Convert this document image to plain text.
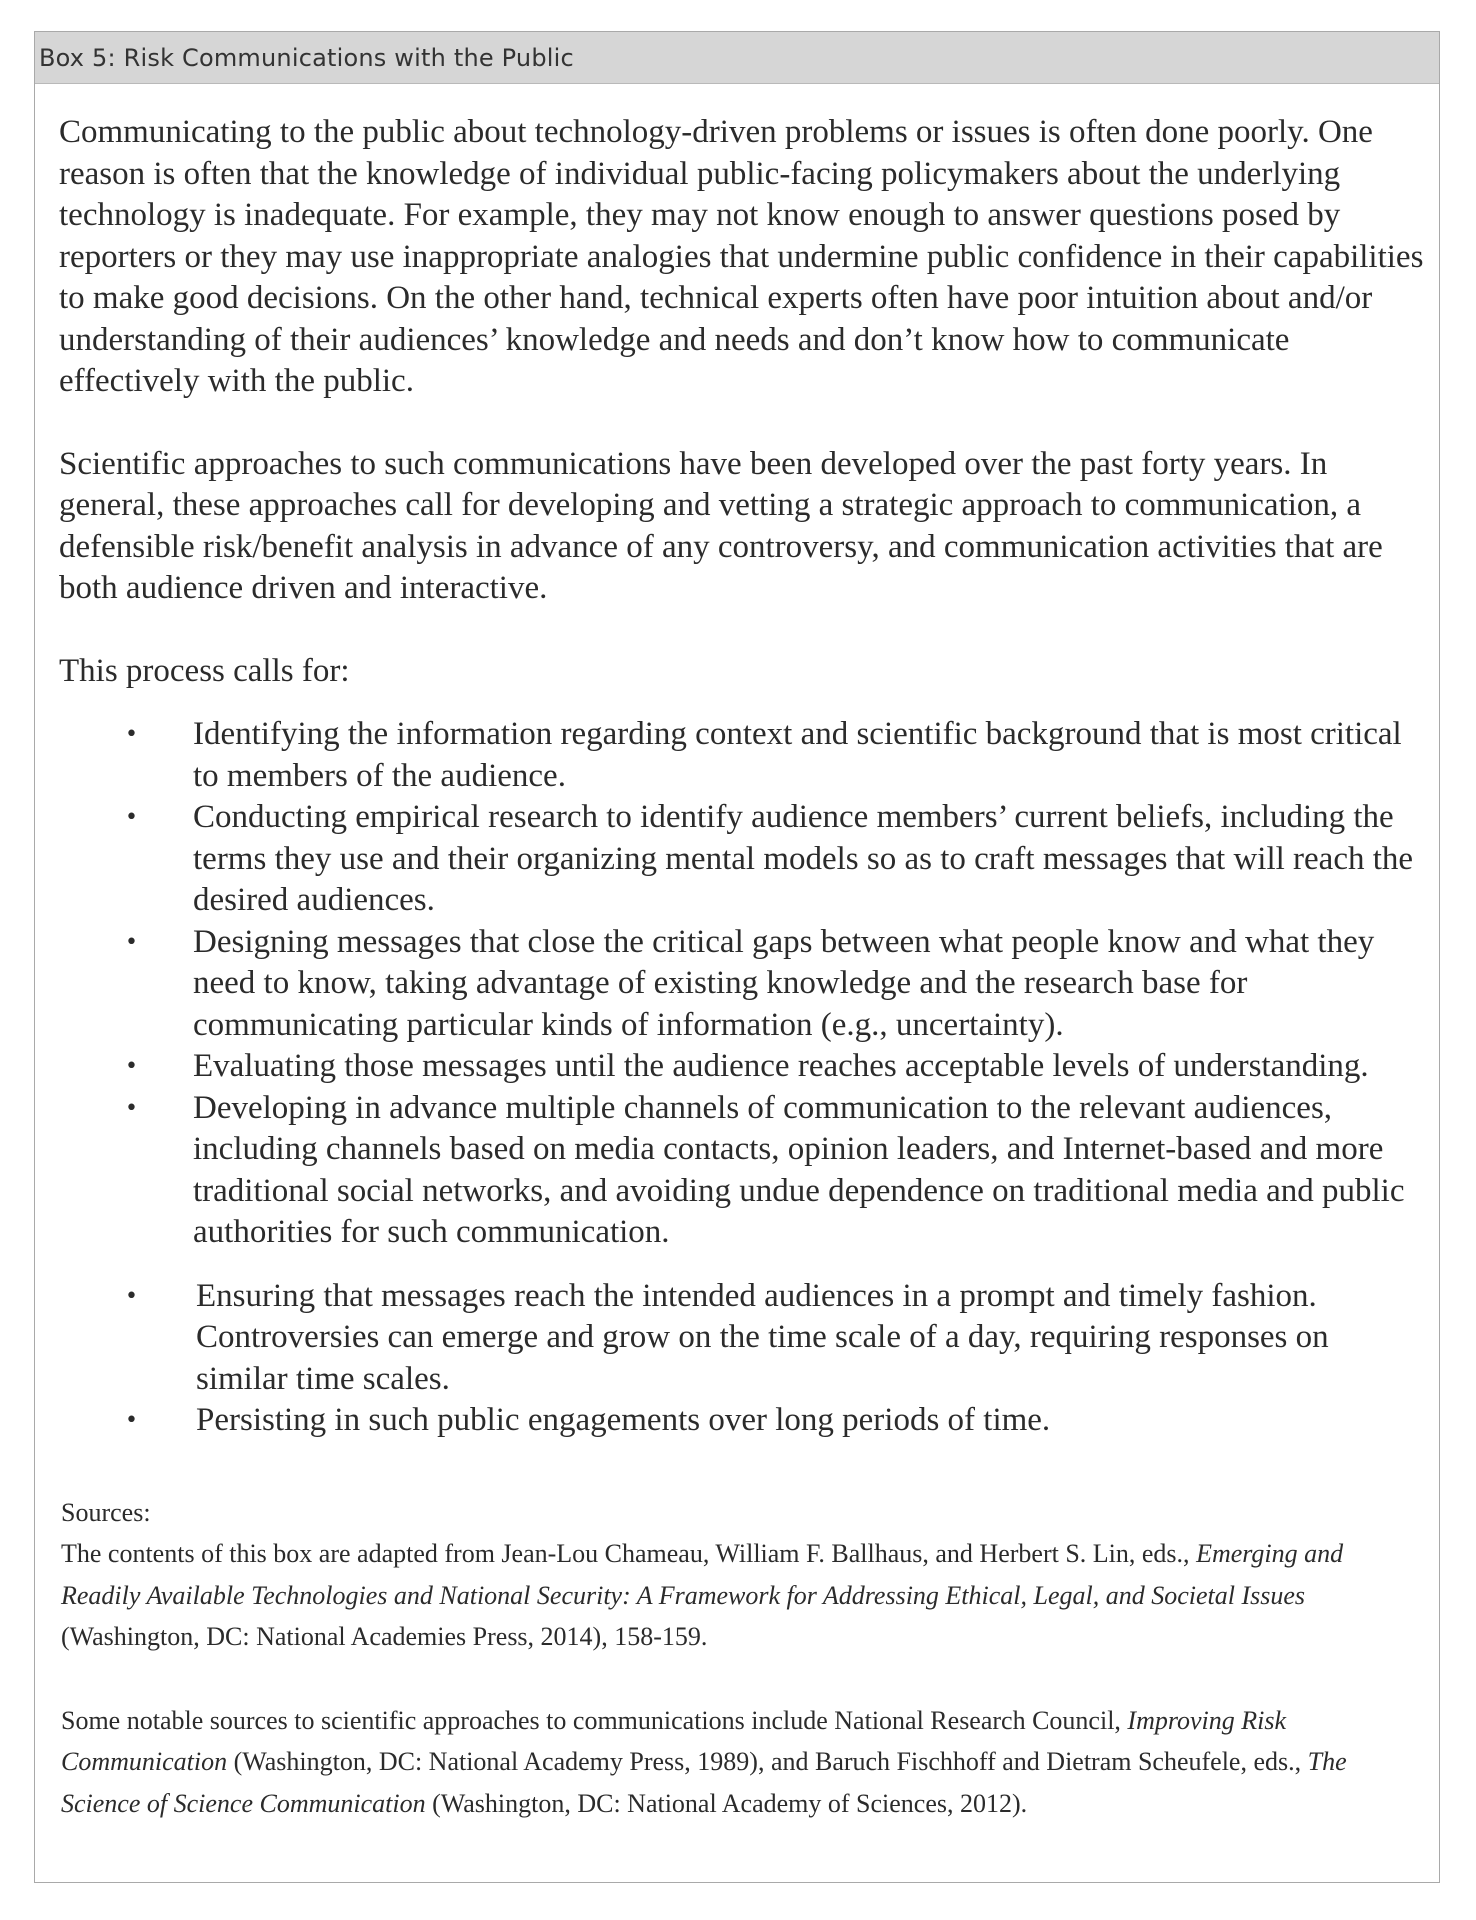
Box 5: Risk Communications with the Public

Communicating to the public about technology-driven problems or issues is often done poorly. One reason is often that the knowledge of individual public-facing policymakers about the underlying technology is inadequate. For example, they may not know enough to answer questions posed by reporters or they may use inappropriate analogies that undermine public confidence in their capabilities to make good decisions. On the other hand, technical experts often have poor intuition about and/or understanding of their audiences’ knowledge and needs and don’t know how to communicate effectively with the public.

Scientific approaches to such communications have been developed over the past forty years. In general, these approaches call for developing and vetting a strategic approach to communication, a defensible risk/benefit analysis in advance of any controversy, and communication activities that are both audience driven and interactive.

This process calls for:

• Identifying the information regarding context and scientific background that is most critical to members of the audience.
• Conducting empirical research to identify audience members’ current beliefs, including the terms they use and their organizing mental models so as to craft messages that will reach the desired audiences.
• Designing messages that close the critical gaps between what people know and what they need to know, taking advantage of existing knowledge and the research base for communicating particular kinds of information (e.g., uncertainty).
• Evaluating those messages until the audience reaches acceptable levels of understanding.
• Developing in advance multiple channels of communication to the relevant audiences, including channels based on media contacts, opinion leaders, and Internet-based and more traditional social networks, and avoiding undue dependence on traditional media and public authorities for such communication.
• Ensuring that messages reach the intended audiences in a prompt and timely fashion. Controversies can emerge and grow on the time scale of a day, requiring responses on similar time scales.
• Persisting in such public engagements over long periods of time.

Sources:

The contents of this box are adapted from Jean-Lou Chameau, William F. Ballhaus, and Herbert S. Lin, eds., Emerging and Readily Available Technologies and National Security: A Framework for Addressing Ethical, Legal, and Societal Issues (Washington, DC: National Academies Press, 2014), 158-159.

Some notable sources to scientific approaches to communications include National Research Council, Improving Risk Communication (Washington, DC: National Academy Press, 1989), and Baruch Fischhoff and Dietram Scheufele, eds., The Science of Science Communication (Washington, DC: National Academy of Sciences, 2012).
